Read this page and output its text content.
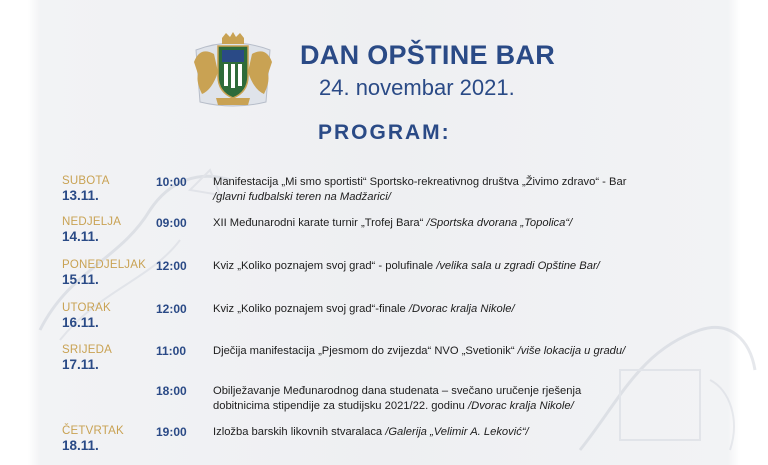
DAN OPŠTINE BAR
24. novembar 2021.
PROGRAM:
SUBOTA
13.11.
10:00 Manifestacija „Mi smo sportisti“ Sportsko-rekreativnog društva „Živimo zdravo“ - Bar
/glavni fudbalski teren na Madžarici/
NEDJELJA
14.11.
09:00 XII Međunarodni karate turnir „Trofej Bara“ /Sportska dvorana „Topolica“/
PONEDJELJAK
15.11.
12:00 Kviz „Koliko poznajem svoj grad“ - polufinale /velika sala u zgradi Opštine Bar/
UTORAK
16.11.
12:00 Kviz „Koliko poznajem svoj grad“-finale /Dvorac kralja Nikole/
SRIJEDA
17.11.
11:00 Dječija manifestacija „Pjesmom do zvijezda“ NVO „Svetionik“ /više lokacija u gradu/
18:00 Obilježavanje Međunarodnog dana studenata – svečano uručenje rješenja
dobitnicima stipendije za studijsku 2021/22. godinu /Dvorac kralja Nikole/
ČETVRTAK
18.11.
19:00 Izložba barskih likovnih stvaralaca /Galerija „Velimir A. Leković“/
